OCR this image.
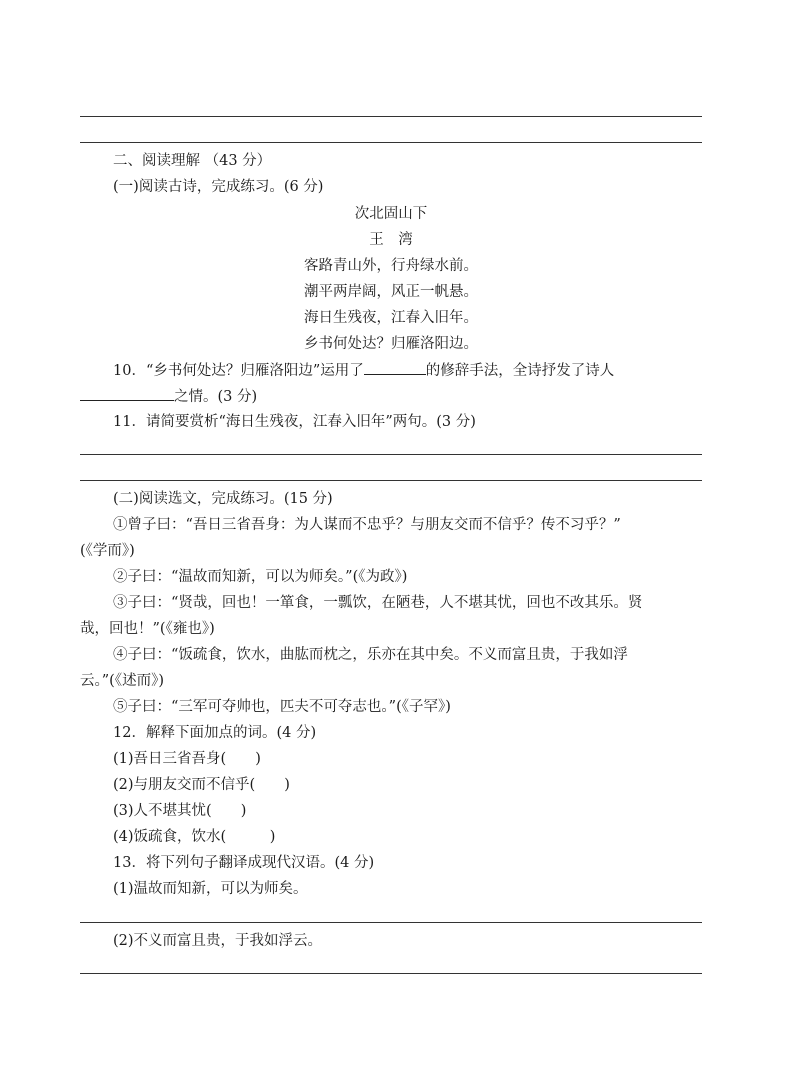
二、阅读理解 （43 分）
(一)阅读古诗，完成练习。(6 分)
次北固山下
王　湾
客路青山外，行舟绿水前。
潮平两岸阔，风正一帆悬。
海日生残夜，江春入旧年。
乡书何处达？归雁洛阳边。
10．“乡书何处达？归雁洛阳边”运用了	的修辞手法，全诗抒发了诗人
之情。(3 分)
11．请简要赏析“海日生残夜，江春入旧年”两句。(3 分)
(二)阅读选文，完成练习。(15 分)
①曾子曰：“吾日三省吾身：为人谋而不忠乎？与朋友交而不信乎？传不习乎？”
(《学而》)
②子曰：“温故而知新，可以为师矣。”(《为政》)
③子曰：“贤哉，回也！一箪食，一瓢饮，在陋巷，人不堪其忧，回也不改其乐。贤
哉，回也！”(《雍也》)
④子曰：“饭疏食，饮水，曲肱而枕之，乐亦在其中矣。不义而富且贵，于我如浮
云。”(《述而》)
⑤子曰：“三军可夺帅也，匹夫不可夺志也。”(《子罕》)
12．解释下面加点的词。(4 分)
(1)吾日三省吾身(　　)
(2)与朋友交而不信乎(　　)
(3)人不堪其忧(　　)
(4)饭疏食，饮水(　　　)
13．将下列句子翻译成现代汉语。(4 分)
(1)温故而知新，可以为师矣。
(2)不义而富且贵，于我如浮云。
